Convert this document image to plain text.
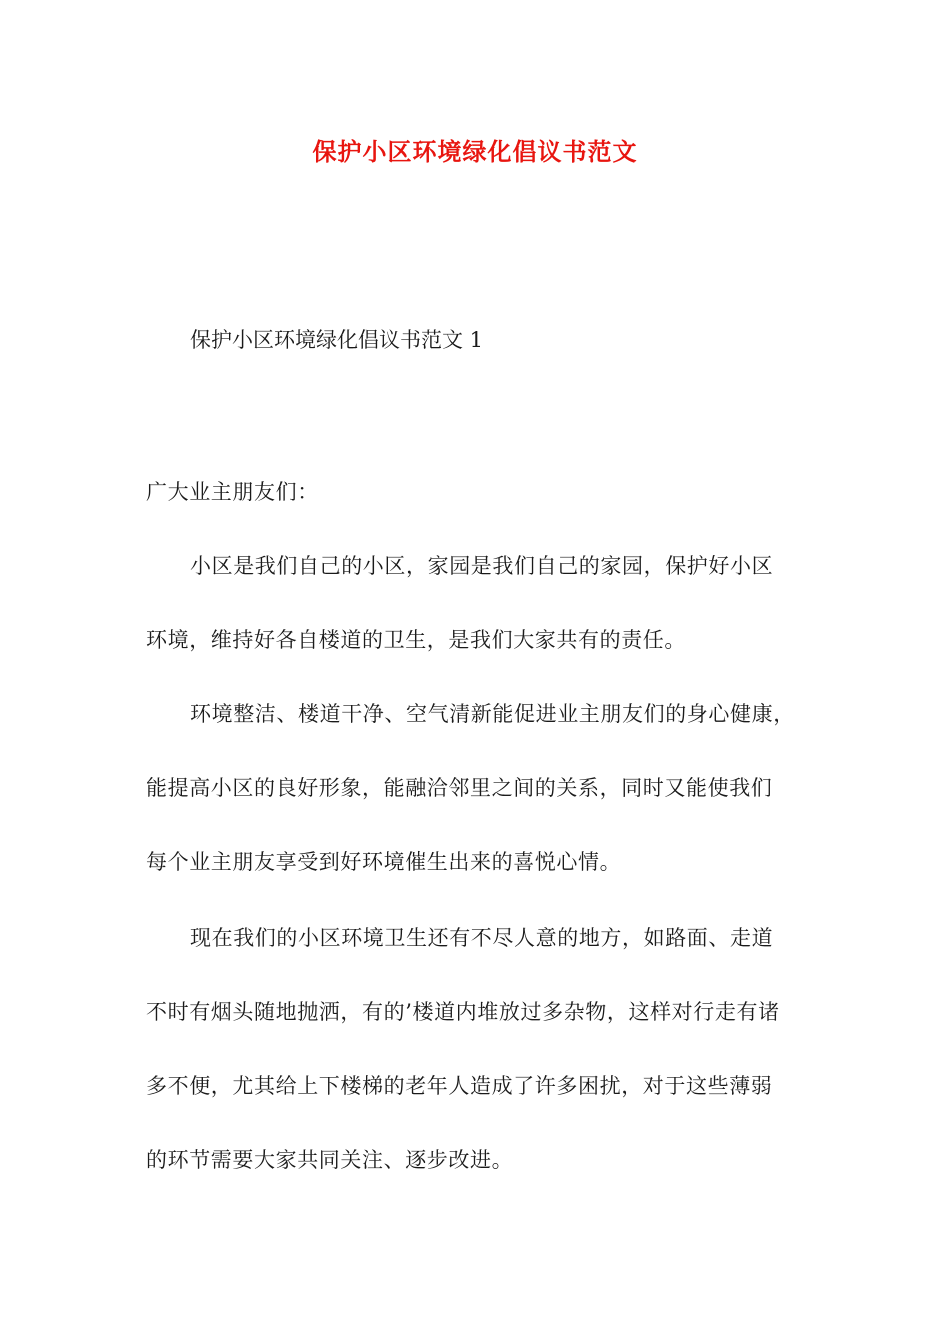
保护小区环境绿化倡议书范文
保护小区环境绿化倡议书范文 1
广大业主朋友们：
小区是我们自己的小区，家园是我们自己的家园，保护好小区
环境，维持好各自楼道的卫生，是我们大家共有的责任。
环境整洁、楼道干净、空气清新能促进业主朋友们的身心健康，
能提高小区的良好形象，能融洽邻里之间的关系，同时又能使我们
每个业主朋友享受到好环境催生出来的喜悦心情。
现在我们的小区环境卫生还有不尽人意的地方，如路面、走道
不时有烟头随地抛洒，有的’楼道内堆放过多杂物，这样对行走有诸
多不便，尤其给上下楼梯的老年人造成了许多困扰，对于这些薄弱
的环节需要大家共同关注、逐步改进。
